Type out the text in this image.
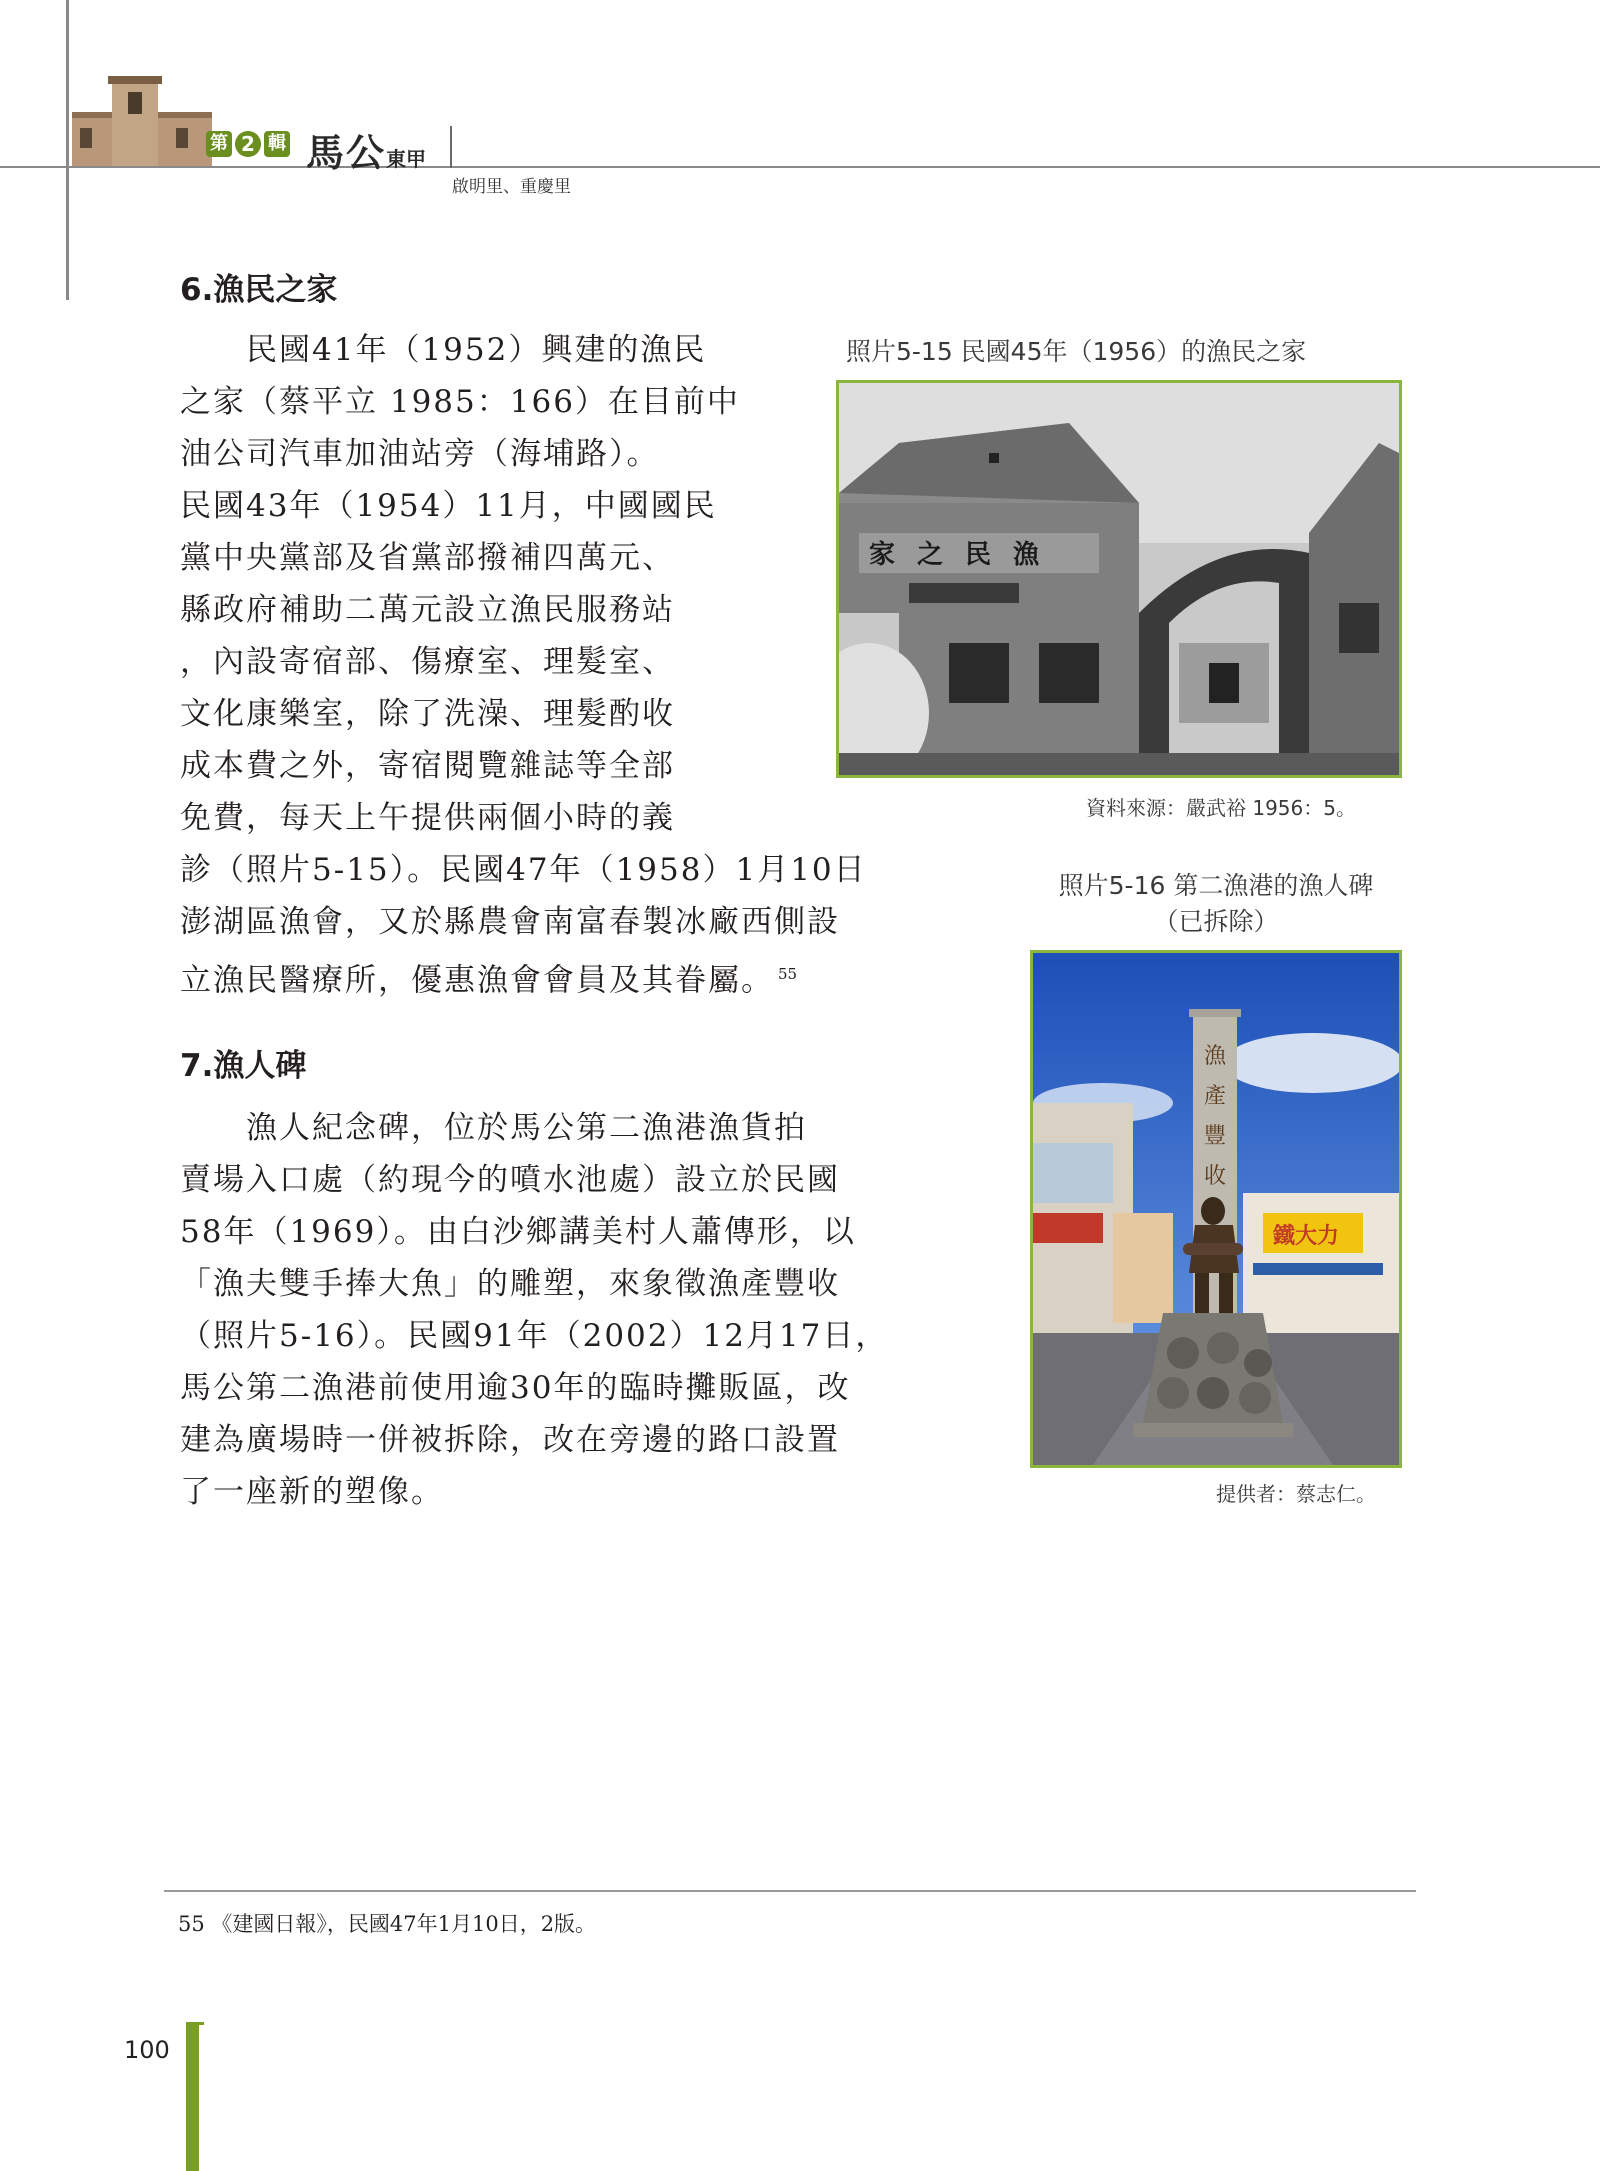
第 2 輯 馬公東甲
啟明里、重慶里
6.漁民之家

　　民國41年（1952）興建的漁民

之家（蔡平立 1985：166）在目前中

油公司汽車加油站旁（海埔路）。

民國43年（1954）11月，中國國民

黨中央黨部及省黨部撥補四萬元、

縣政府補助二萬元設立漁民服務站

，內設寄宿部、傷療室、理髮室、

文化康樂室，除了洗澡、理髮酌收

成本費之外，寄宿閱覽雜誌等全部

免費，每天上午提供兩個小時的義

診（照片5-15）。民國47年（1958）1月10日

澎湖區漁會，又於縣農會南富春製冰廠西側設

立漁民醫療所，優惠漁會會員及其眷屬。 $^{55}$

照片5-15 民國45年（1956）的漁民之家
家之民漁
資料來源：嚴武裕 1956：5。
照片5-16 第二漁港的漁人碑
（已拆除）
鐵大力
漁 產 豐 收
提供者：蔡志仁。
7.漁人碑

　　漁人紀念碑，位於馬公第二漁港漁貨拍

賣場入口處（約現今的噴水池處）設立於民國

58年（1969）。由白沙鄉講美村人蕭傳形，以

「漁夫雙手捧大魚」的雕塑，來象徵漁產豐收

（照片5-16）。民國91年（2002）12月17日，

馬公第二漁港前使用逾30年的臨時攤販區，改

建為廣場時一併被拆除，改在旁邊的路口設置

了一座新的塑像。

55 《建國日報》，民國47年1月10日，2版。
100
